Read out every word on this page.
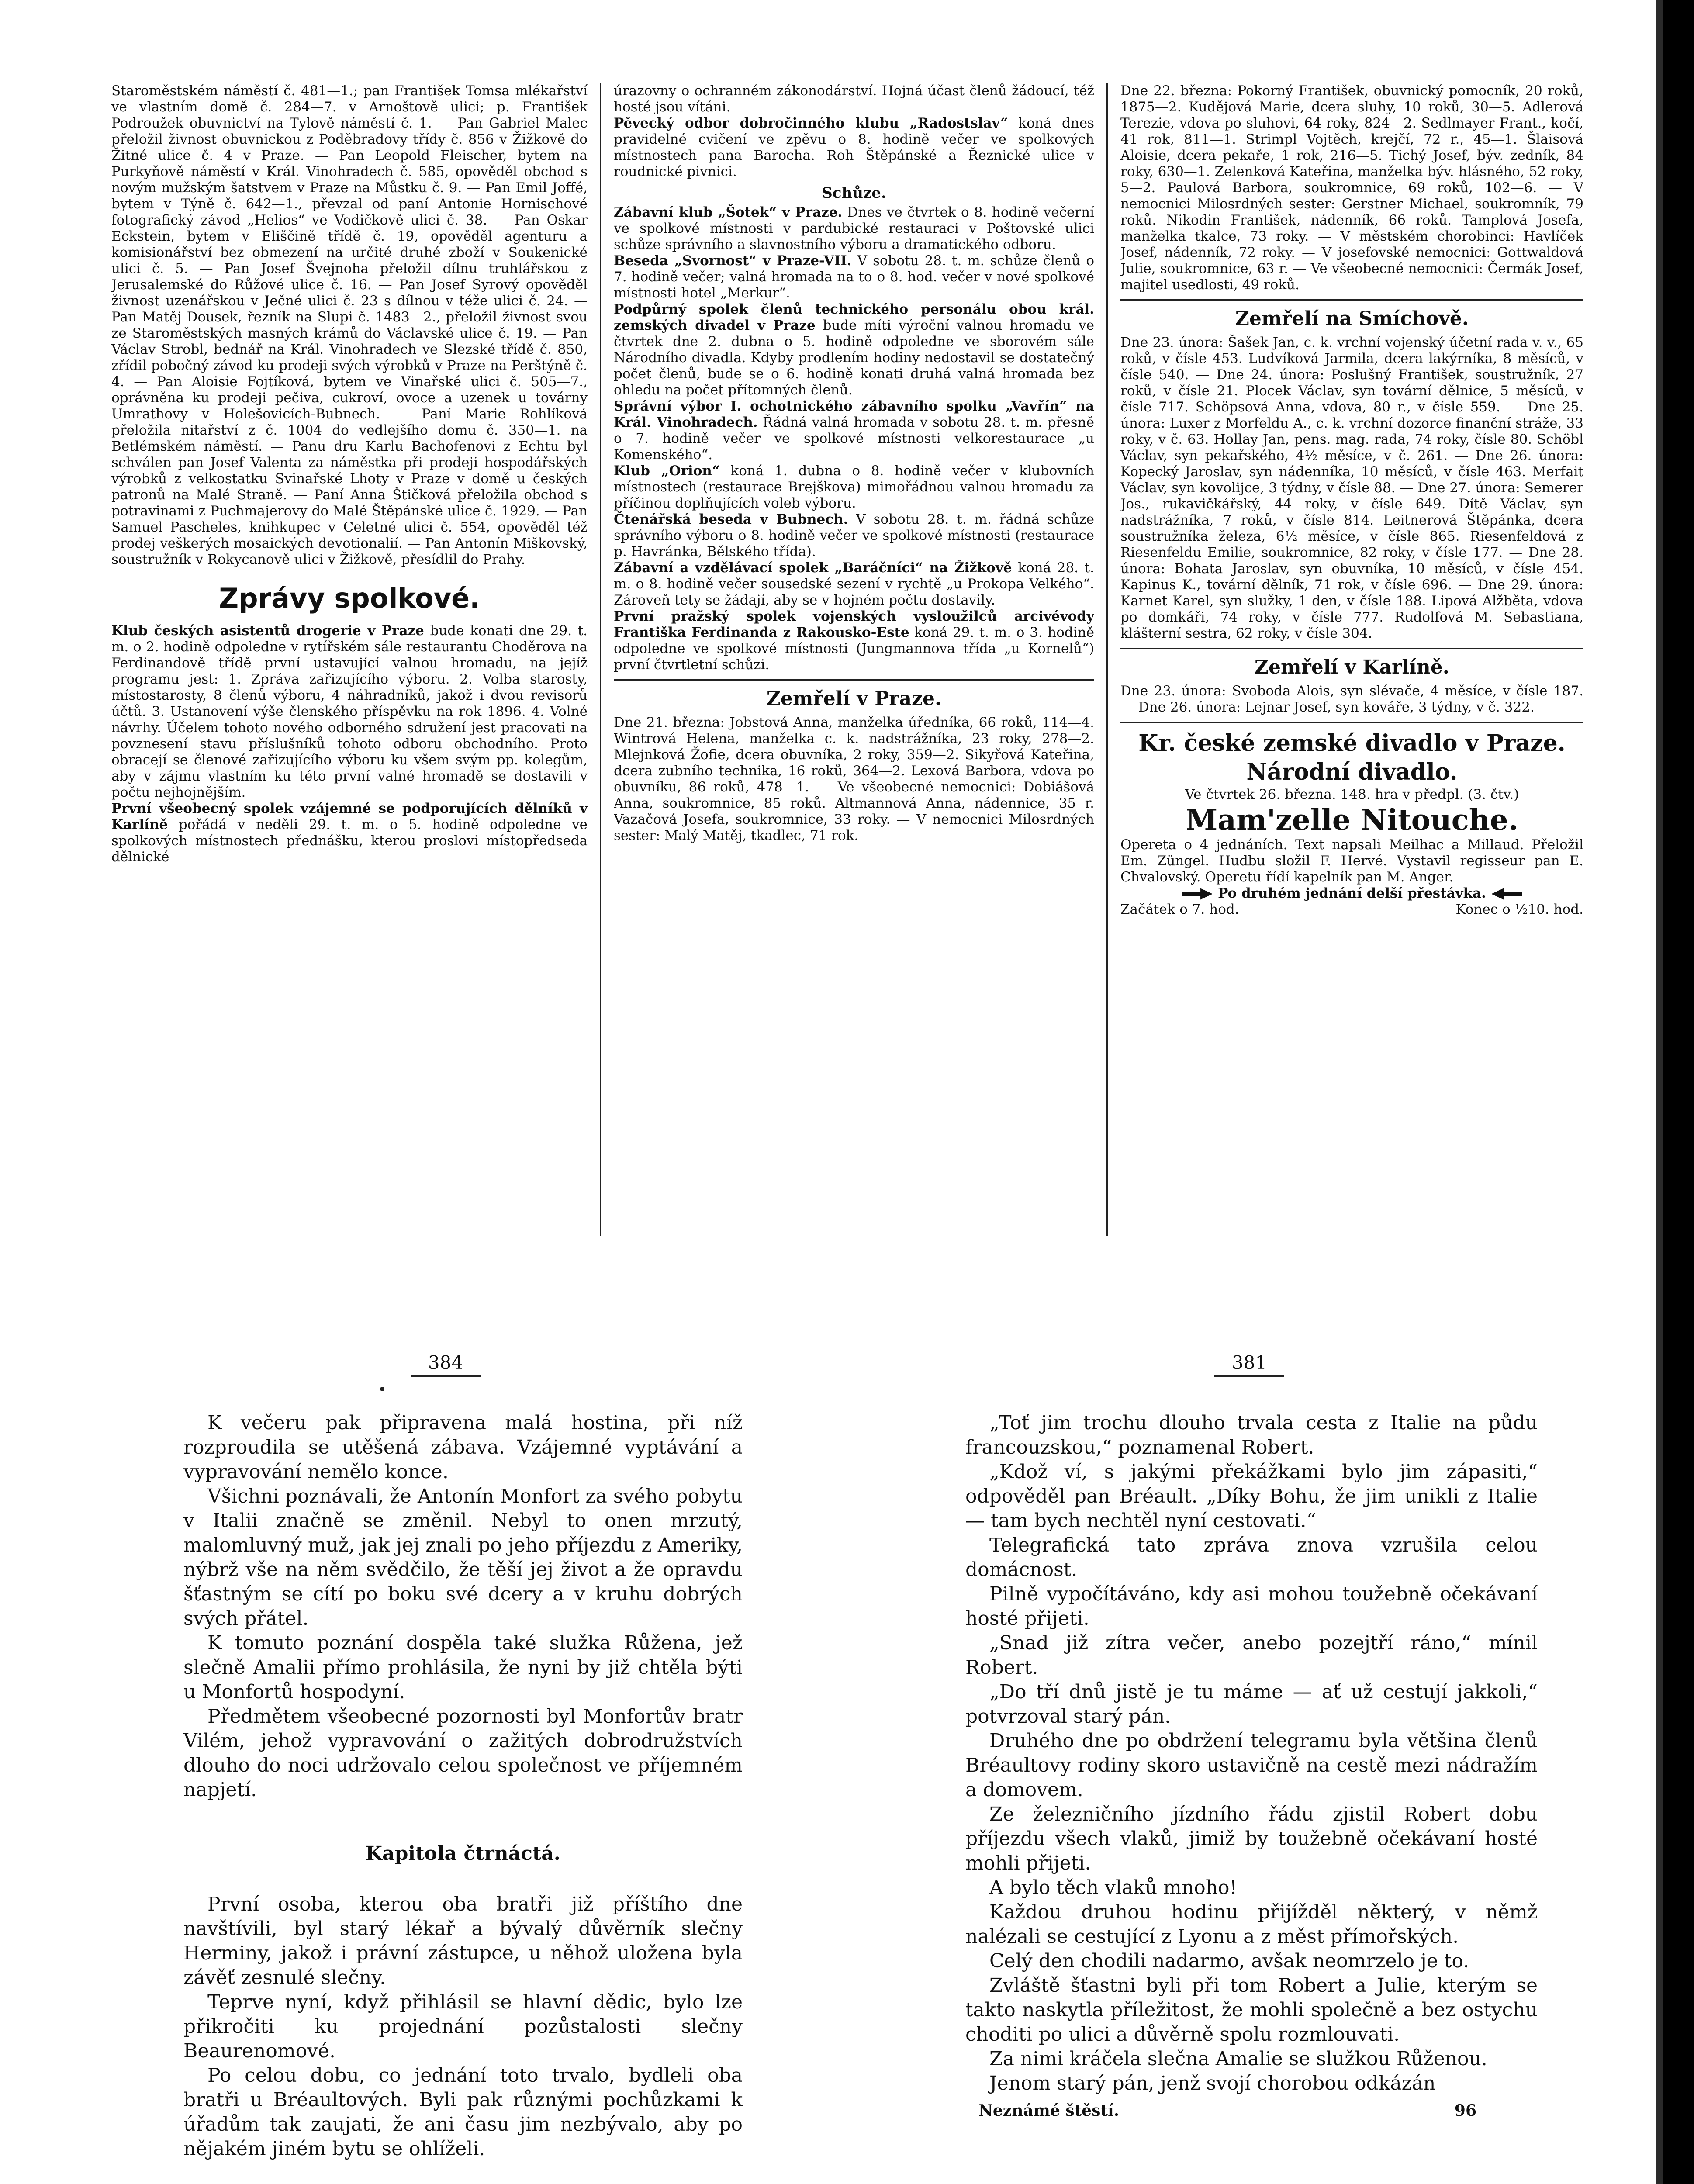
Staroměstském náměstí č. 481—1.; pan František Tomsa mlékařství ve vlastním domě č. 284—7. v Arnoštově ulici; p. František Podroužek obuvnictví na Tylově náměstí č. 1. — Pan Gabriel Malec přeložil živnost obuvnickou z Poděbradovy třídy č. 856 v Žižkově do Žitné ulice č. 4 v Praze. — Pan Leopold Fleischer, bytem na Purkyňově náměstí v Král. Vinohradech č. 585, opověděl obchod s novým mužským šatstvem v Praze na Můstku č. 9. — Pan Emil Joffé, bytem v Týně č. 642—1., převzal od paní Antonie Hornischové fotografický závod „Helios“ ve Vodičkově ulici č. 38. — Pan Oskar Eckstein, bytem v Eliščině třídě č. 19, opověděl agenturu a komisionářství bez obmezení na určité druhé zboží v Soukenické ulici č. 5. — Pan Josef Švejnoha přeložil dílnu truhlářskou z Jerusalemské do Růžové ulice č. 16. — Pan Josef Syrový opověděl živnost uzenářskou v Ječné ulici č. 23 s dílnou v téže ulici č. 24. — Pan Matěj Dousek, řezník na Slupi č. 1483—2., přeložil živnost svou ze Staroměstských masných krámů do Václavské ulice č. 19. — Pan Václav Strobl, bednář na Král. Vinohradech ve Slezské třídě č. 850, zřídil pobočný závod ku prodeji svých výrobků v Praze na Perštýně č. 4. — Pan Aloisie Fojtíková, bytem ve Vinařské ulici č. 505—7., oprávněna ku prodeji pečiva, cukroví, ovoce a uzenek u továrny Umrathovy v Holešovicích-Bubnech. — Paní Marie Rohlíková přeložila nitařství z č. 1004 do vedlejšího domu č. 350—1. na Betlémském náměstí. — Panu dru Karlu Bachofenovi z Echtu byl schválen pan Josef Valenta za náměstka při prodeji hospodářských výrobků z velkostatku Svinařské Lhoty v Praze v domě u českých patronů na Malé Straně. — Paní Anna Štičková přeložila obchod s potravinami z Puchmajerovy do Malé Štěpánské ulice č. 1929. — Pan Samuel Pascheles, knihkupec v Celetné ulici č. 554, opověděl též prodej veškerých mosaických devotionalií. — Pan Antonín Miškovský, soustružník v Rokycanově ulici v Žižkově, přesídlil do Prahy.

Zprávy spolkové.

Klub českých asistentů drogerie v Praze bude konati dne 29. t. m. o 2. hodině odpoledne v rytířském sále restaurantu Choděrova na Ferdinandově třídě první ustavující valnou hromadu, na jejíž programu jest: 1. Zpráva zařizujícího výboru. 2. Volba starosty, místostarosty, 8 členů výboru, 4 náhradníků, jakož i dvou revisorů účtů. 3. Ustanovení výše členského příspěvku na rok 1896. 4. Volné návrhy. Účelem tohoto nového odborného sdružení jest pracovati na povznesení stavu příslušníků tohoto odboru obchodního. Proto obracejí se členové zařizujícího výboru ku všem svým pp. kolegům, aby v zájmu vlastním ku této první valné hromadě se dostavili v počtu nejhojnějším.

První všeobecný spolek vzájemné se podporujících dělníků v Karlíně pořádá v neděli 29. t. m. o 5. hodině odpoledne ve spolkových místnostech přednášku, kterou proslovi místopředseda dělnické

úrazovny o ochranném zákonodárství. Hojná účast členů žádoucí, též hosté jsou vítáni.

Pěvecký odbor dobročinného klubu „Radostslav“ koná dnes pravidelné cvičení ve zpěvu o 8. hodině večer ve spolkových místnostech pana Barocha. Roh Štěpánské a Řeznické ulice v roudnické pivnici.

Schůze.

Zábavní klub „Šotek“ v Praze. Dnes ve čtvrtek o 8. hodině večerní ve spolkové místnosti v pardubické restauraci v Poštovské ulici schůze správního a slavnostního výboru a dramatického odboru.

Beseda „Svornost“ v Praze-VII. V sobotu 28. t. m. schůze členů o 7. hodině večer; valná hromada na to o 8. hod. večer v nové spolkové místnosti hotel „Merkur“.

Podpůrný spolek členů technického personálu obou král. zemských divadel v Praze bude míti výroční valnou hromadu ve čtvrtek dne 2. dubna o 5. hodině odpoledne ve sborovém sále Národního divadla. Kdyby prodlením hodiny nedostavil se dostatečný počet členů, bude se o 6. hodině konati druhá valná hromada bez ohledu na počet přítomných členů.

Správní výbor I. ochotnického zábavního spolku „Vavřín“ na Král. Vinohradech. Řádná valná hromada v sobotu 28. t. m. přesně o 7. hodině večer ve spolkové místnosti velkorestaurace „u Komenského“.

Klub „Orion“ koná 1. dubna o 8. hodině večer v klubovních místnostech (restaurace Brejškova) mimořádnou valnou hromadu za příčinou doplňujících voleb výboru.

Čtenářská beseda v Bubnech. V sobotu 28. t. m. řádná schůze správního výboru o 8. hodině večer ve spolkové místnosti (restaurace p. Havránka, Bělského třída).

Zábavní a vzdělávací spolek „Baráčníci“ na Žižkově koná 28. t. m. o 8. hodině večer sousedské sezení v rychtě „u Prokopa Velkého“. Zároveň tety se žádají, aby se v hojném počtu dostavily.

První pražský spolek vojenských vysloužilců arcivévody Františka Ferdinanda z Rakousko-Este koná 29. t. m. o 3. hodině odpoledne ve spolkové místnosti (Jungmannova třída „u Kornelů“) první čtvrtletní schůzi.

Zemřelí v Praze.

Dne 21. března: Jobstová Anna, manželka úředníka, 66 roků, 114—4. Wintrová Helena, manželka c. k. nadstrážníka, 23 roky, 278—2. Mlejnková Žofie, dcera obuvníka, 2 roky, 359—2. Sikyřová Kateřina, dcera zubního technika, 16 roků, 364—2. Lexová Barbora, vdova po obuvníku, 86 roků, 478—1. — Ve všeobecné nemocnici: Dobiášová Anna, soukromnice, 85 roků. Altmannová Anna, nádennice, 35 r. Vazačová Josefa, soukromnice, 33 roky. — V nemocnici Milosrdných sester: Malý Matěj, tkadlec, 71 rok.

Dne 22. března: Pokorný František, obuvnický pomocník, 20 roků, 1875—2. Kudějová Marie, dcera sluhy, 10 roků, 30—5. Adlerová Terezie, vdova po sluhovi, 64 roky, 824—2. Sedlmayer Frant., kočí, 41 rok, 811—1. Strimpl Vojtěch, krejčí, 72 r., 45—1. Šlaisová Aloisie, dcera pekaře, 1 rok, 216—5. Tichý Josef, býv. zedník, 84 roky, 630—1. Zelenková Kateřina, manželka býv. hlásného, 52 roky, 5—2. Paulová Barbora, soukromnice, 69 roků, 102—6. — V nemocnici Milosrdných sester: Gerstner Michael, soukromník, 79 roků. Nikodin František, nádenník, 66 roků. Tamplová Josefa, manželka tkalce, 73 roky. — V městském chorobinci: Havlíček Josef, nádenník, 72 roky. — V josefovské nemocnici: Gottwaldová Julie, soukromnice, 63 r. — Ve všeobecné nemocnici: Čermák Josef, majitel usedlosti, 49 roků.

Zemřelí na Smíchově.

Dne 23. února: Šašek Jan, c. k. vrchní vojenský účetní rada v. v., 65 roků, v čísle 453. Ludvíková Jarmila, dcera lakýrníka, 8 měsíců, v čísle 540. — Dne 24. února: Poslušný František, soustružník, 27 roků, v čísle 21. Plocek Václav, syn tovární dělnice, 5 měsíců, v čísle 717. Schöpsová Anna, vdova, 80 r., v čísle 559. — Dne 25. února: Luxer z Morfeldu A., c. k. vrchní dozorce finanční stráže, 33 roky, v č. 63. Hollay Jan, pens. mag. rada, 74 roky, čísle 80. Schöbl Václav, syn pekařského, 4½ měsíce, v č. 261. — Dne 26. února: Kopecký Jaroslav, syn nádenníka, 10 měsíců, v čísle 463. Merfait Václav, syn kovolijce, 3 týdny, v čísle 88. — Dne 27. února: Semerer Jos., rukavičkářský, 44 roky, v čísle 649. Dítě Václav, syn nadstrážníka, 7 roků, v čísle 814. Leitnerová Štěpánka, dcera soustružníka železa, 6½ měsíce, v čísle 865. Riesenfeldová z Riesenfeldu Emilie, soukromnice, 82 roky, v čísle 177. — Dne 28. února: Bohata Jaroslav, syn obuvníka, 10 měsíců, v čísle 454. Kapinus K., tovární dělník, 71 rok, v čísle 696. — Dne 29. února: Karnet Karel, syn služky, 1 den, v čísle 188. Lipová Alžběta, vdova po domkáři, 74 roky, v čísle 777. Rudolfová M. Sebastiana, klášterní sestra, 62 roky, v čísle 304.

Zemřelí v Karlíně.

Dne 23. února: Svoboda Alois, syn slévače, 4 měsíce, v čísle 187. — Dne 26. února: Lejnar Josef, syn kováře, 3 týdny, v č. 322.

Kr. české zemské divadlo v Praze.
Národní divadlo.

Ve čtvrtek 26. března. 148. hra v předpl. (3. čtv.)

Mam'zelle Nitouche.

Opereta o 4 jednáních. Text napsali Meilhac a Millaud. Přeložil Em. Züngel. Hudbu složil F. Hervé. Vystavil regisseur pan E. Chvalovský. Operetu řídí kapelník pan M. Anger.

Po druhém jednání delší přestávka.

Začátek o 7. hod.	Konec o ½10. hod.
384	381

K večeru pak připravena malá hostina, při níž rozproudila se utěšená zábava. Vzájemné vyptávání a vypravování nemělo konce.

Všichni poznávali, že Antonín Monfort za svého pobytu v Italii značně se změnil. Nebyl to onen mrzutý, malomluvný muž, jak jej znali po jeho příjezdu z Ameriky, nýbrž vše na něm svědčilo, že těší jej život a že opravdu šťastným se cítí po boku své dcery a v kruhu dobrých svých přátel.

K tomuto poznání dospěla také služka Růžena, jež slečně Amalii přímo prohlásila, že nyni by již chtěla býti u Monfortů hospodyní.

Předmětem všeobecné pozornosti byl Monfortův bratr Vilém, jehož vypravování o zažitých dobrodružstvích dlouho do noci udržovalo celou společnost ve příjemném napjetí.

Kapitola čtrnáctá.

První osoba, kterou oba bratři již příštího dne navštívili, byl starý lékař a bývalý důvěrník slečny Herminy, jakož i právní zástupce, u něhož uložena byla závěť zesnulé slečny.

Teprve nyní, když přihlásil se hlavní dědic, bylo lze přikročiti ku projednání pozůstalosti slečny Beaurenomové.

Po celou dobu, co jednání toto trvalo, bydleli oba bratři u Bréaultových. Byli pak různými pochůzkami k úřadům tak zaujati, že ani času jim nezbývalo, aby po nějakém jiném bytu se ohlíželi.

„Toť jim trochu dlouho trvala cesta z Italie na půdu francouzskou,“ poznamenal Robert.

„Kdož ví, s jakými překážkami bylo jim zápasiti,“ odpověděl pan Bréault. „Díky Bohu, že jim unikli z Italie — tam bych nechtěl nyní cestovati.“

Telegrafická tato zpráva znova vzrušila celou domácnost.

Pilně vypočítáváno, kdy asi mohou toužebně očekávaní hosté přijeti.

„Snad již zítra večer, anebo pozejtří ráno,“ mínil Robert.

„Do tří dnů jistě je tu máme — ať už cestují jakkoli,“ potvrzoval starý pán.

Druhého dne po obdržení telegramu byla většina členů Bréaultovy rodiny skoro ustavičně na cestě mezi nádražím a domovem.

Ze železničního jízdního řádu zjistil Robert dobu příjezdu všech vlaků, jimiž by toužebně očekávaní hosté mohli přijeti.

A bylo těch vlaků mnoho!

Každou druhou hodinu přijížděl některý, v němž nalézali se cestující z Lyonu a z měst přímořských.

Celý den chodili nadarmo, avšak neomrzelo je to.

Zvláště šťastni byli při tom Robert a Julie, kterým se takto naskytla příležitost, že mohli společně a bez ostychu choditi po ulici a důvěrně spolu rozmlouvati.

Za nimi kráčela slečna Amalie se služkou Růženou.

Jenom starý pán, jenž svojí chorobou odkázán

Neznámé štěstí.	96
